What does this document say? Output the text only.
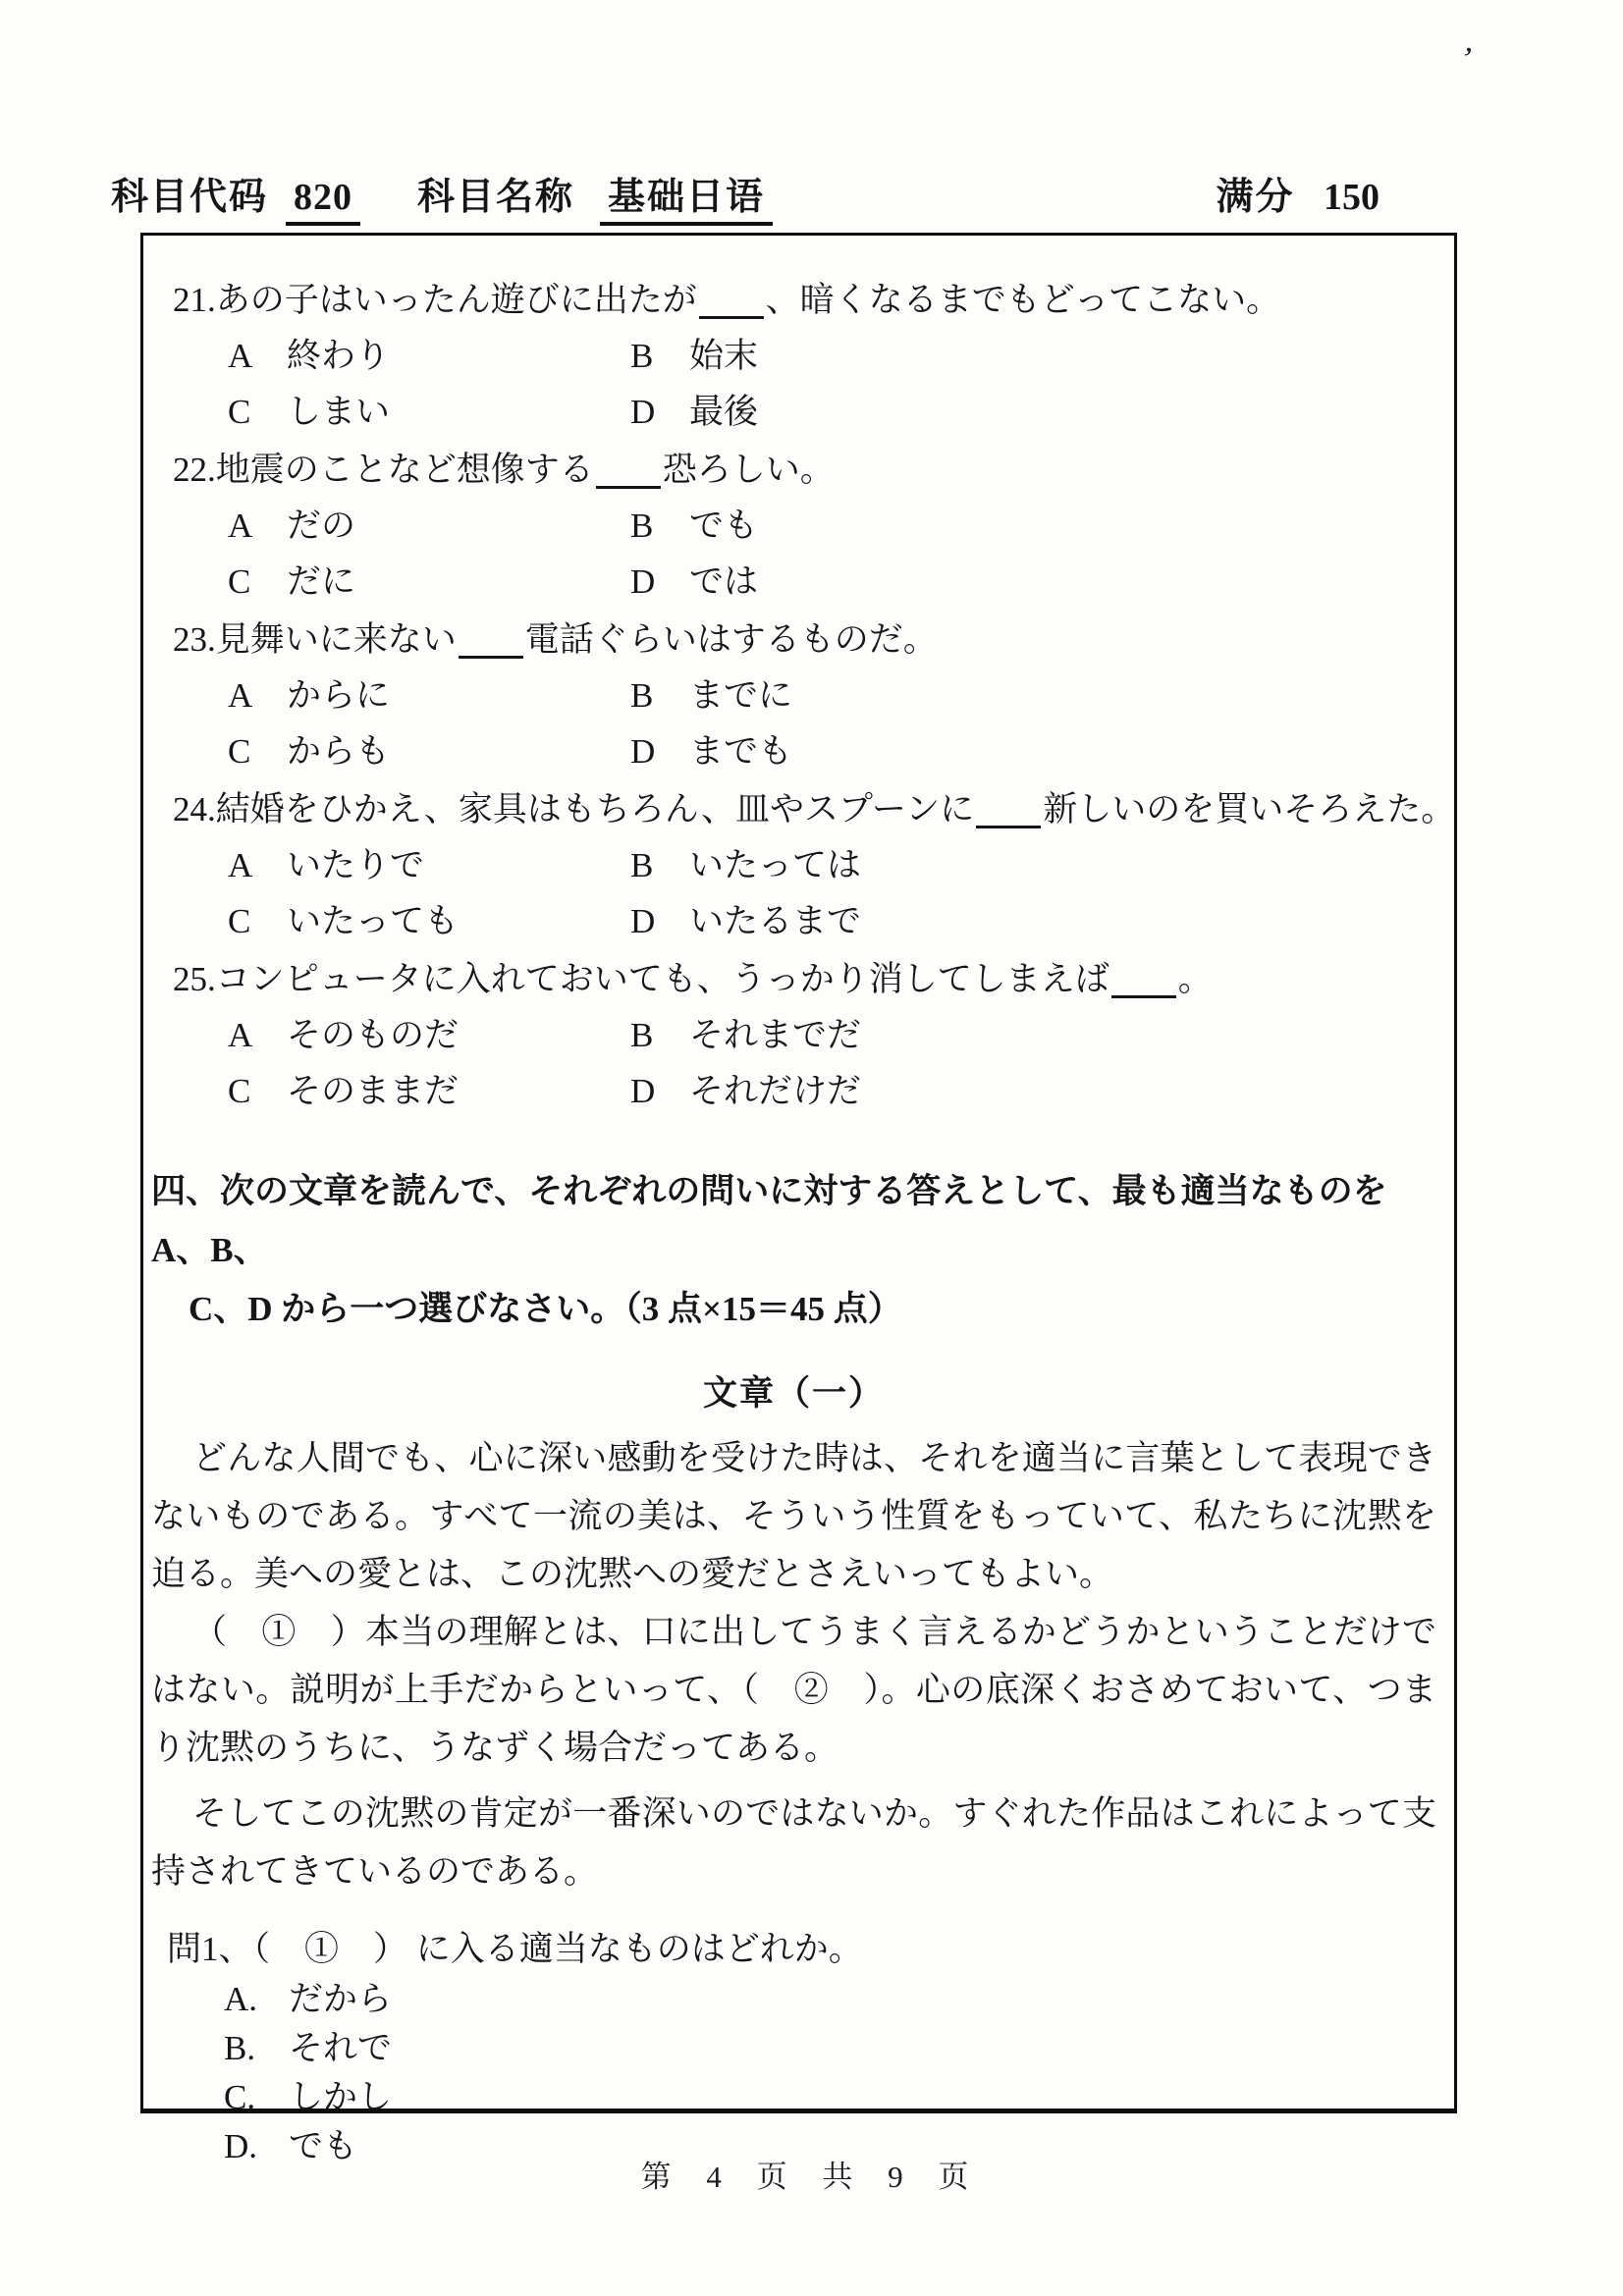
’
科目代码 820 科目名称 基础日语	满分 150
21.あの子はいったん遊びに出たが 、暗くなるまでもどってこない。
A 終わり	B 始末
C しまい	D 最後
22.地震のことなど想像する 恐ろしい。
A だの	B でも
C だに	D では
23.見舞いに来ない 電話ぐらいはするものだ。
A からに	B までに
C からも	D までも
24.結婚をひかえ、家具はもちろん、皿やスプーンに 新しいのを買いそろえた。
A いたりで	B いたっては
C いたっても	D いたるまで
25.コンピュータに入れておいても、うっかり消してしまえば 。
A そのものだ	B それまでだ
C そのままだ	D それだけだ
四、次の文章を読んで、それぞれの問いに対する答えとして、最も適当なものを A、B、
C、D から一つ選びなさい。（3 点×15＝45 点）
文章（一）

どんな人間でも、心に深い感動を受けた時は、それを適当に言葉として表現できないものである。すべて一流の美は、そういう性質をもっていて、私たちに沈黙を迫る。美への愛とは、この沈黙への愛だとさえいってもよい。

（　①　）本当の理解とは、口に出してうまく言えるかどうかということだけではない。説明が上手だからといって、（　②　）。心の底深くおさめておいて、つまり沈黙のうちに、うなずく場合だってある。

そしてこの沈黙の肯定が一番深いのではないか。すぐれた作品はこれによって支持されてきているのである。

問1、（　①　） に入る適当なものはどれか。
A. だから
B. それで
C. しかし
D. でも
第 4 页 共 9 页
